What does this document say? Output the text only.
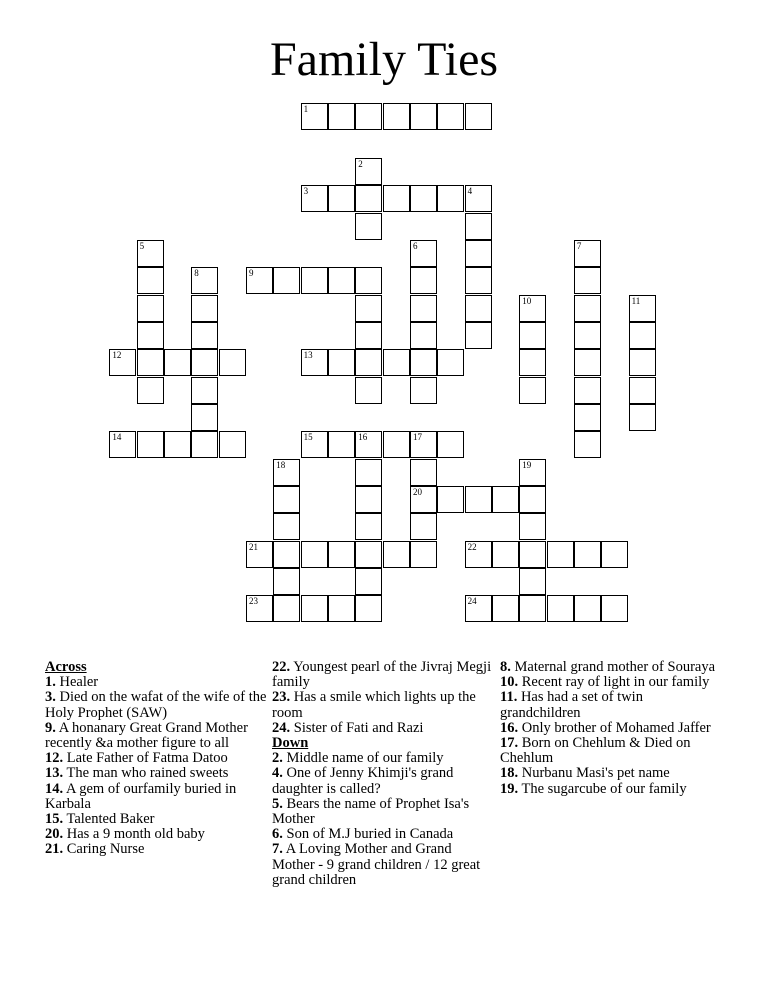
Family Ties
1
2
3	4
5	6	7
8	9
10	11
12	13
14	15	16	17
18	19
20
21	22
23	24

Across

1. Healer

3. Died on the wafat of the wife of the Holy Prophet (SAW)

9. A honanary Great Grand Mother recently &a mother figure to all

12. Late Father of Fatma Datoo

13. The man who rained sweets

14. A gem of ourfamily buried in Karbala

15. Talented Baker

20. Has a 9 month old baby

21. Caring Nurse

22. Youngest pearl of the Jivraj Megji family

23. Has a smile which lights up the room

24. Sister of Fati and Razi

Down

2. Middle name of our family

4. One of Jenny Khimji's grand daughter is called?

5. Bears the name of Prophet Isa's Mother

6. Son of M.J buried in Canada

7. A Loving Mother and Grand Mother - 9 grand children / 12 great grand children

8. Maternal grand mother of Souraya

10. Recent ray of light in our family

11. Has had a set of twin grandchildren

16. Only brother of Mohamed Jaffer

17. Born on Chehlum & Died on Chehlum

18. Nurbanu Masi's pet name

19. The sugarcube of our family
